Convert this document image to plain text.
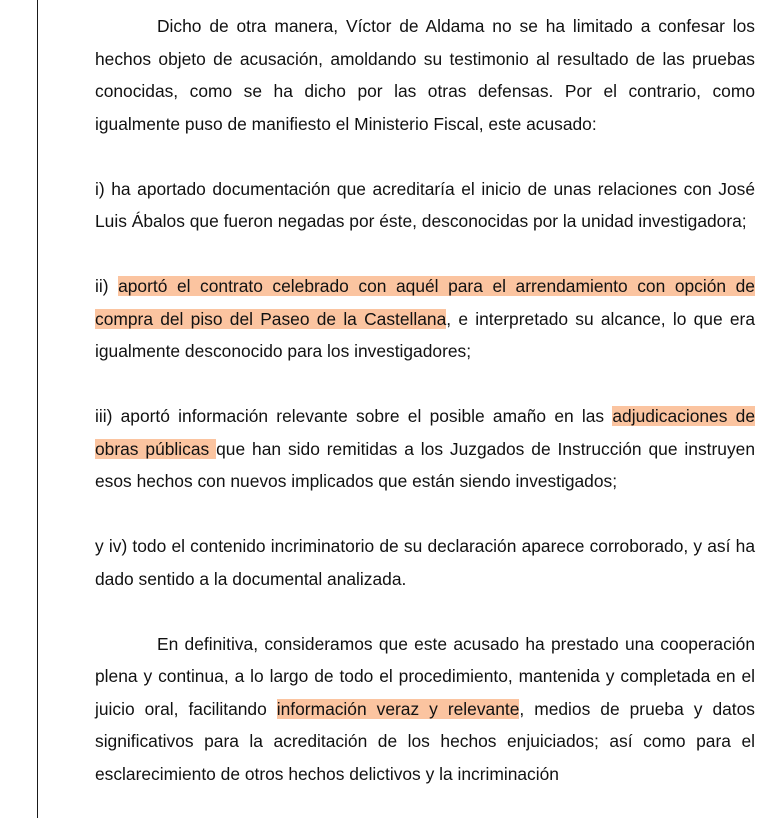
Dicho de otra manera, Víctor de Aldama no se ha limitado a confesar los hechos objeto de acusación, amoldando su testimonio al resultado de las pruebas conocidas, como se ha dicho por las otras defensas. Por el contrario, como igualmente puso de manifiesto el Ministerio Fiscal, este acusado:

i) ha aportado documentación que acreditaría el inicio de unas relaciones con José Luis Ábalos que fueron negadas por éste, desconocidas por la unidad investigadora;

ii) aportó el contrato celebrado con aquél para el arrendamiento con opción de compra del piso del Paseo de la Castellana, e interpretado su alcance, lo que era igualmente desconocido para los investigadores;

iii) aportó información relevante sobre el posible amaño en las adjudicaciones de obras públicas que han sido remitidas a los Juzgados de Instrucción que instruyen esos hechos con nuevos implicados que están siendo investigados;

y iv) todo el contenido incriminatorio de su declaración aparece corroborado, y así ha dado sentido a la documental analizada.

En definitiva, consideramos que este acusado ha prestado una cooperación plena y continua, a lo largo de todo el procedimiento, mantenida y completada en el juicio oral, facilitando información veraz y relevante, medios de prueba y datos significativos para la acreditación de los hechos enjuiciados; así como para el esclarecimiento de otros hechos delictivos y la incriminación
